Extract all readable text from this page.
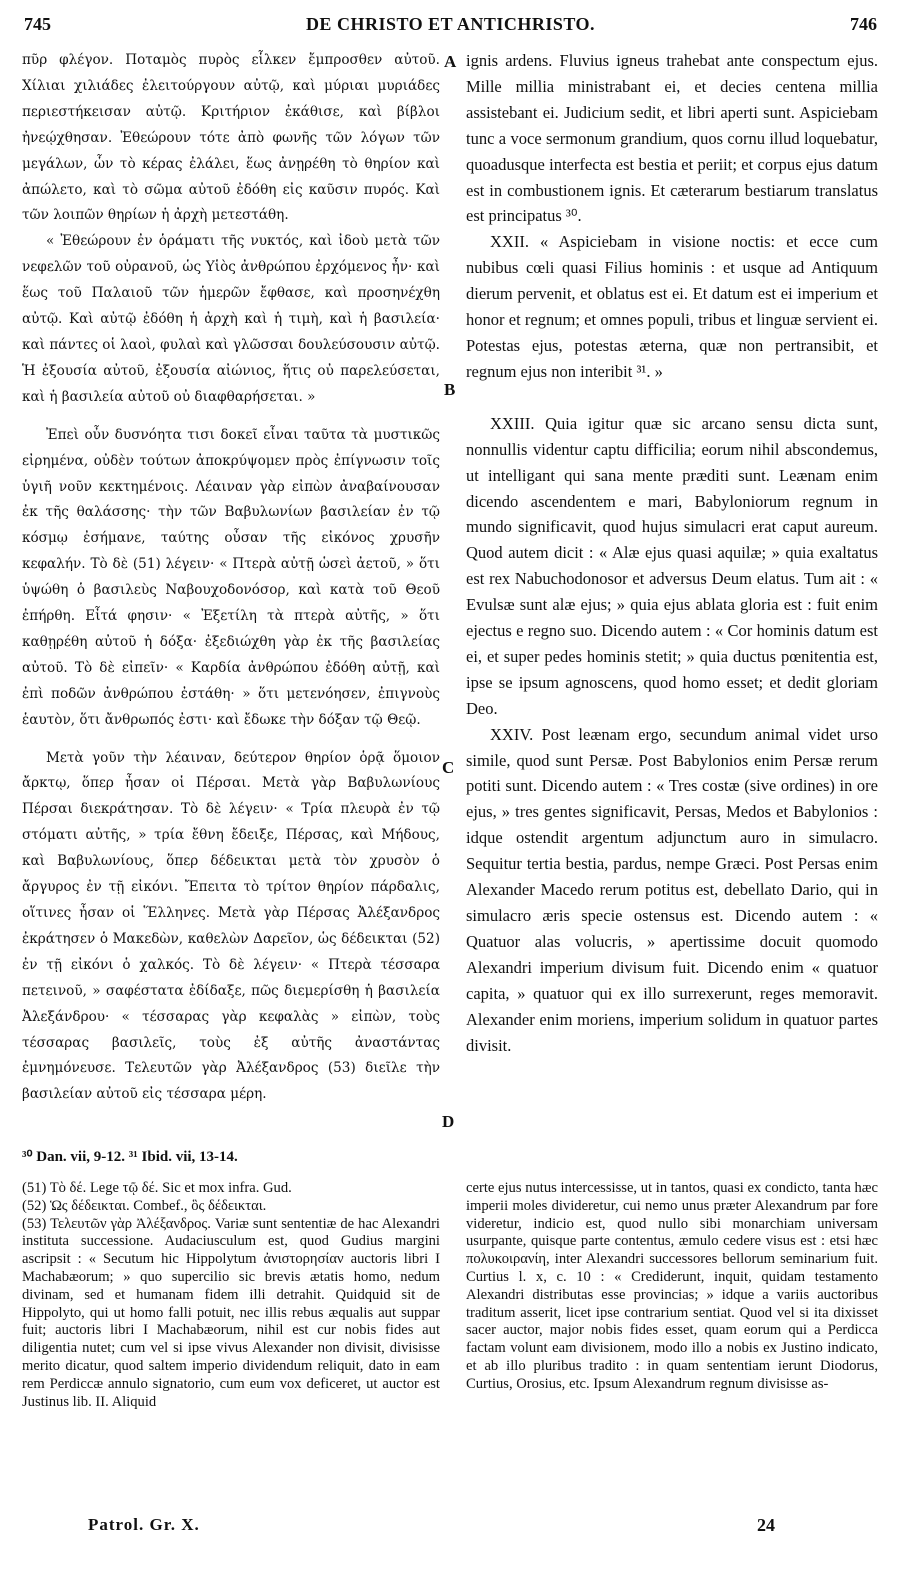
745	DE CHRISTO ET ANTICHRISTO.	746

πῦρ φλέγον. Ποταμὸς πυρὸς εἷλκεν ἔμπροσθεν αὐτοῦ. Χίλιαι χιλιάδες ἐλειτούργουν αὐτῷ, καὶ μύριαι μυριάδες περιεστήκεισαν αὐτῷ. Κριτήριον ἐκάθισε, καὶ βίβλοι ἠνεῴχθησαν. Ἐθεώρουν τότε ἀπὸ φωνῆς τῶν λόγων τῶν μεγάλων, ὧν τὸ κέρας ἐλάλει, ἕως ἀνῃρέθη τὸ θηρίον καὶ ἀπώλετο, καὶ τὸ σῶμα αὐτοῦ ἐδόθη εἰς καῦσιν πυρός. Καὶ τῶν λοιπῶν θηρίων ἡ ἀρχὴ μετεστάθη.

« Ἐθεώρουν ἐν ὁράματι τῆς νυκτός, καὶ ἰδοὺ μετὰ τῶν νεφελῶν τοῦ οὐρανοῦ, ὡς Υἱὸς ἀνθρώπου ἐρχόμενος ἦν· καὶ ἕως τοῦ Παλαιοῦ τῶν ἡμερῶν ἔφθασε, καὶ προσηνέχθη αὐτῷ. Καὶ αὐτῷ ἐδόθη ἡ ἀρχὴ καὶ ἡ τιμὴ, καὶ ἡ βασιλεία· καὶ πάντες οἱ λαοὶ, φυλαὶ καὶ γλῶσσαι δουλεύσουσιν αὐτῷ. Ἡ ἐξουσία αὐτοῦ, ἐξουσία αἰώνιος, ἥτις οὐ παρελεύσεται, καὶ ἡ βασιλεία αὐτοῦ οὐ διαφθαρήσεται. »

Ἐπεὶ οὖν δυσνόητα τισι δοκεῖ εἶναι ταῦτα τὰ μυστικῶς εἰρημένα, οὐδὲν τούτων ἀποκρύψομεν πρὸς ἐπίγνωσιν τοῖς ὑγιῆ νοῦν κεκτημένοις. Λέαιναν γὰρ εἰπὼν ἀναβαίνουσαν ἐκ τῆς θαλάσσης· τὴν τῶν Βαβυλωνίων βασιλείαν ἐν τῷ κόσμῳ ἐσήμανε, ταύτης οὖσαν τῆς εἰκόνος χρυσῆν κεφαλήν. Τὸ δὲ (51) λέγειν· « Πτερὰ αὐτῇ ὡσεὶ ἀετοῦ, » ὅτι ὑψώθη ὁ βασιλεὺς Ναβουχοδονόσορ, καὶ κατὰ τοῦ Θεοῦ ἐπήρθη. Εἶτά φησιν· « Ἐξετίλη τὰ πτερὰ αὐτῆς, » ὅτι καθῃρέθη αὐτοῦ ἡ δόξα· ἐξεδιώχθη γὰρ ἐκ τῆς βασιλείας αὐτοῦ. Τὸ δὲ εἰπεῖν· « Καρδία ἀνθρώπου ἐδόθη αὐτῇ, καὶ ἐπὶ ποδῶν ἀνθρώπου ἐστάθη· » ὅτι μετενόησεν, ἐπιγνοὺς ἑαυτὸν, ὅτι ἄνθρωπός ἐστι· καὶ ἔδωκε τὴν δόξαν τῷ Θεῷ.

Μετὰ γοῦν τὴν λέαιναν, δεύτερον θηρίον ὁρᾷ ὅμοιον ἄρκτῳ, ὅπερ ἦσαν οἱ Πέρσαι. Μετὰ γὰρ Βαβυλωνίους Πέρσαι διεκράτησαν. Τὸ δὲ λέγειν· « Τρία πλευρὰ ἐν τῷ στόματι αὐτῆς, » τρία ἔθνη ἔδειξε, Πέρσας, καὶ Μήδους, καὶ Βαβυλωνίους, ὅπερ δέδεικται μετὰ τὸν χρυσὸν ὁ ἄργυρος ἐν τῇ εἰκόνι. Ἔπειτα τὸ τρίτον θηρίον πάρδαλις, οἵτινες ἦσαν οἱ Ἕλληνες. Μετὰ γὰρ Πέρσας Ἀλέξανδρος ἐκράτησεν ὁ Μακεδὼν, καθελὼν Δαρεῖον, ὡς δέδεικται (52) ἐν τῇ εἰκόνι ὁ χαλκός. Τὸ δὲ λέγειν· « Πτερὰ τέσσαρα πετεινοῦ, » σαφέστατα ἐδίδαξε, πῶς διεμερίσθη ἡ βασιλεία Ἀλεξάνδρου· « τέσσαρας γὰρ κεφαλὰς » εἰπὼν, τοὺς τέσσαρας βασιλεῖς, τοὺς ἐξ αὐτῆς ἀναστάντας ἐμνημόνευσε. Τελευτῶν γὰρ Ἀλέξανδρος (53) διεῖλε τὴν βασιλείαν αὐτοῦ εἰς τέσσαρα μέρη.

ignis ardens. Fluvius igneus trahebat ante conspectum ejus. Mille millia ministrabant ei, et decies centena millia assistebant ei. Judicium sedit, et libri aperti sunt. Aspiciebam tunc a voce sermonum grandium, quos cornu illud loquebatur, quoadusque interfecta est bestia et periit; et corpus ejus datum est in combustionem ignis. Et cæterarum bestiarum translatus est principatus ³⁰.

XXII. « Aspiciebam in visione noctis: et ecce cum nubibus cœli quasi Filius hominis : et usque ad Antiquum dierum pervenit, et oblatus est ei. Et datum est ei imperium et honor et regnum; et omnes populi, tribus et linguæ servient ei. Potestas ejus, potestas æterna, quæ non pertransibit, et regnum ejus non interibit ³¹. »

XXIII. Quia igitur quæ sic arcano sensu dicta sunt, nonnullis videntur captu difficilia; eorum nihil abscondemus, ut intelligant qui sana mente præditi sunt. Leænam enim dicendo ascendentem e mari, Babyloniorum regnum in mundo significavit, quod hujus simulacri erat caput aureum. Quod autem dicit : « Alæ ejus quasi aquilæ; » quia exaltatus est rex Nabuchodonosor et adversus Deum elatus. Tum ait : « Evulsæ sunt alæ ejus; » quia ejus ablata gloria est : fuit enim ejectus e regno suo. Dicendo autem : « Cor hominis datum est ei, et super pedes hominis stetit; » quia ductus pœnitentia est, ipse se ipsum agnoscens, quod homo esset; et dedit gloriam Deo.

XXIV. Post leænam ergo, secundum animal videt urso simile, quod sunt Persæ. Post Babylonios enim Persæ rerum potiti sunt. Dicendo autem : « Tres costæ (sive ordines) in ore ejus, » tres gentes significavit, Persas, Medos et Babylonios : idque ostendit argentum adjunctum auro in simulacro. Sequitur tertia bestia, pardus, nempe Græci. Post Persas enim Alexander Macedo rerum potitus est, debellato Dario, qui in simulacro æris specie ostensus est. Dicendo autem : « Quatuor alas volucris, » apertissime docuit quomodo Alexandri imperium divisum fuit. Dicendo enim « quatuor capita, » quatuor qui ex illo surrexerunt, reges memoravit. Alexander enim moriens, imperium solidum in quatuor partes divisit.

A
B
C
D
³⁰ Dan. vii, 9-12. ³¹ Ibid. vii, 13-14.

(51) Τὸ δέ. Lege τῷ δέ. Sic et mox infra. Gud.

(52) Ὡς δέδεικται. Combef., ὃς δέδεικται.

(53) Τελευτῶν γὰρ Ἀλέξανδρος. Variæ sunt sententiæ de hac Alexandri instituta successione. Audaciusculum est, quod Gudius margini ascripsit : « Secutum hic Hippolytum ἀνιστορησίαν auctoris libri I Machabæorum; » quo supercilio sic brevis ætatis homo, nedum divinam, sed et humanam fidem illi detrahit. Quidquid sit de Hippolyto, qui ut homo falli potuit, nec illis rebus æqualis aut suppar fuit; auctoris libri I Machabæorum, nihil est cur nobis fides aut diligentia nutet; cum vel si ipse vivus Alexander non divisit, divisisse merito dicatur, quod saltem imperio dividendum reliquit, dato in eam rem Perdiccæ annulo signatorio, cum eum vox deficeret, ut auctor est Justinus lib. II. Aliquid

certe ejus nutus intercessisse, ut in tantos, quasi ex condicto, tanta hæc imperii moles divideretur, cui nemo unus præter Alexandrum par fore videretur, indicio est, quod nullo sibi monarchiam universam usurpante, quisque parte contentus, æmulo cedere visus est : etsi hæc πολυκοιρανίη, inter Alexandri successores bellorum seminarium fuit. Curtius l. x, c. 10 : « Crediderunt, inquit, quidam testamento Alexandri distributas esse provincias; » idque a variis auctoribus traditum asserit, licet ipse contrarium sentiat. Quod vel si ita dixisset sacer auctor, major nobis fides esset, quam eorum qui a Perdicca factam volunt eam divisionem, modo illo a nobis ex Justino indicato, et ab illo pluribus tradito : in quam sententiam ierunt Diodorus, Curtius, Orosius, etc. Ipsum Alexandrum regnum divisisse as-

Patrol. Gr. X.	24
